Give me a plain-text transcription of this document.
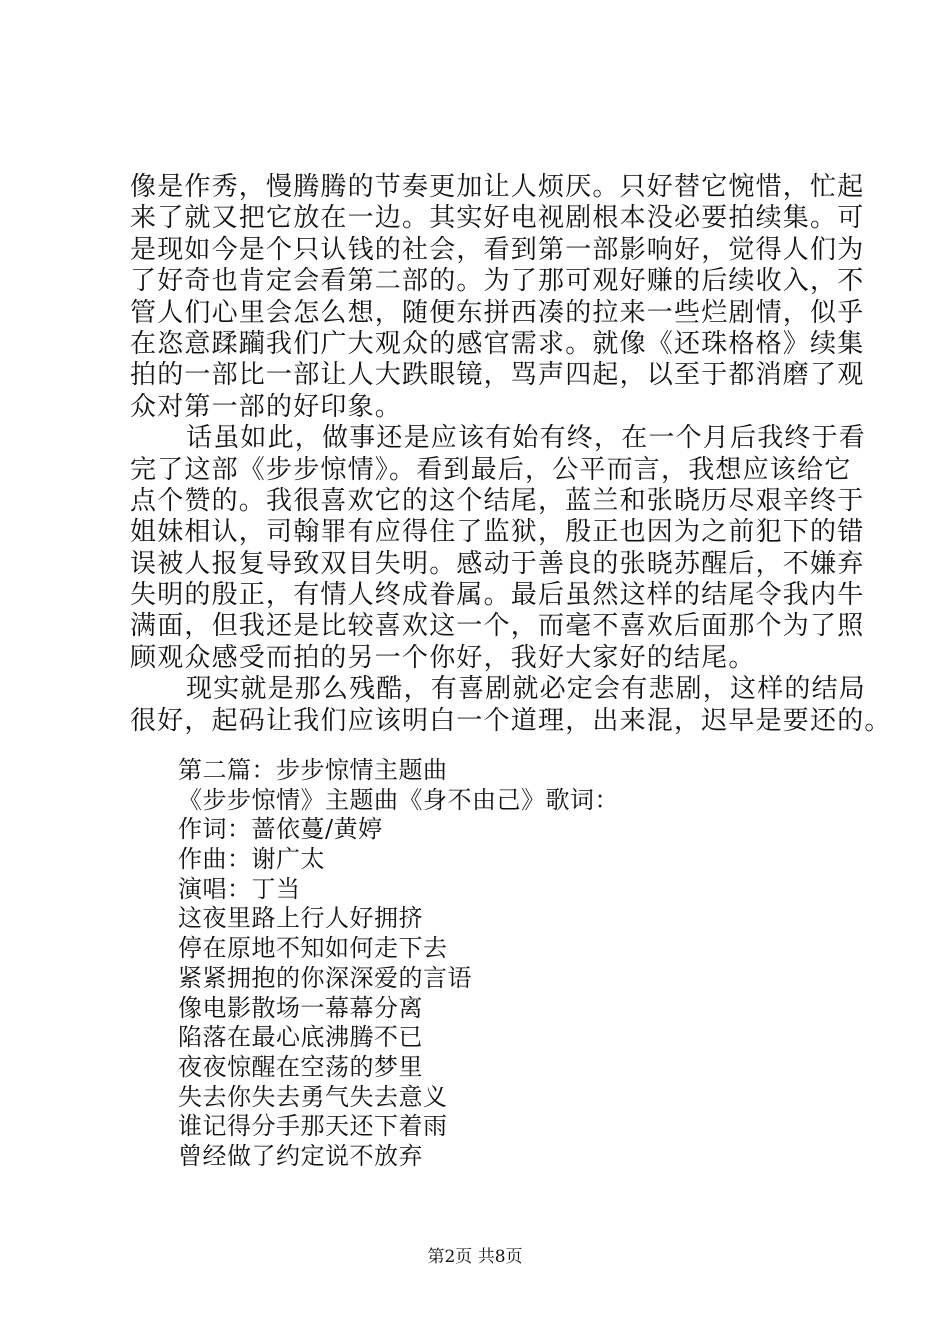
像是作秀，慢腾腾的节奏更加让人烦厌。只好替它惋惜，忙起
来了就又把它放在一边。其实好电视剧根本没必要拍续集。可
是现如今是个只认钱的社会，看到第一部影响好，觉得人们为
了好奇也肯定会看第二部的。为了那可观好赚的后续收入，不
管人们心里会怎么想，随便东拼西凑的拉来一些烂剧情，似乎
在恣意蹂躏我们广大观众的感官需求。就像《还珠格格》续集
拍的一部比一部让人大跌眼镜，骂声四起，以至于都消磨了观
众对第一部的好印象。
话虽如此，做事还是应该有始有终，在一个月后我终于看
完了这部《步步惊情》。看到最后，公平而言，我想应该给它
点个赞的。我很喜欢它的这个结尾，蓝兰和张晓历尽艰辛终于
姐妹相认，司翰罪有应得住了监狱，殷正也因为之前犯下的错
误被人报复导致双目失明。感动于善良的张晓苏醒后，不嫌弃
失明的殷正，有情人终成眷属。最后虽然这样的结尾令我内牛
满面，但我还是比较喜欢这一个，而毫不喜欢后面那个为了照
顾观众感受而拍的另一个你好，我好大家好的结尾。
现实就是那么残酷，有喜剧就必定会有悲剧，这样的结局
很好，起码让我们应该明白一个道理，出来混，迟早是要还的。
第二篇：步步惊情主题曲
《步步惊情》主题曲《身不由己》歌词：
作词：蔷依蔓/黄婷
作曲：谢广太
演唱：丁当
这夜里路上行人好拥挤
停在原地不知如何走下去
紧紧拥抱的你深深爱的言语
像电影散场一幕幕分离
陷落在最心底沸腾不已
夜夜惊醒在空荡的梦里
失去你失去勇气失去意义
谁记得分手那天还下着雨
曾经做了约定说不放弃
第2页 共8页
